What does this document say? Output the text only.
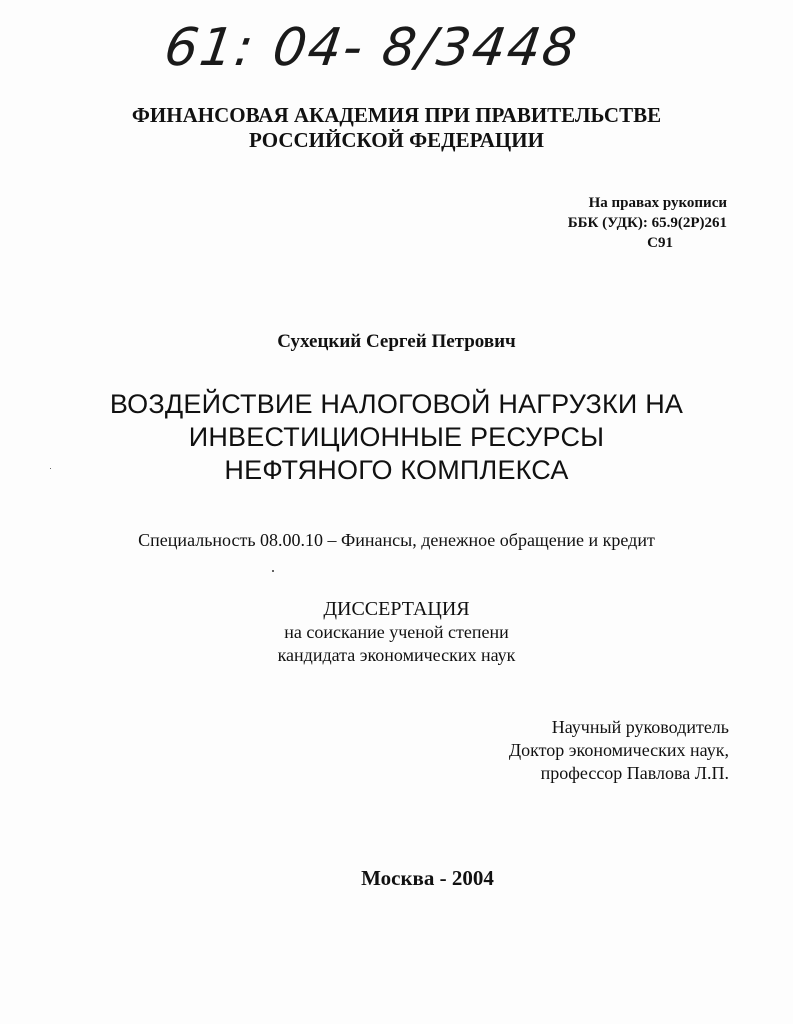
61: 04- 8/3448
ФИНАНСОВАЯ АКАДЕМИЯ ПРИ ПРАВИТЕЛЬСТВЕ
РОССИЙСКОЙ ФЕДЕРАЦИИ
На правах рукописи
ББК (УДК): 65.9(2Р)261
С91
Сухецкий Сергей Петрович
ВОЗДЕЙСТВИЕ НАЛОГОВОЙ НАГРУЗКИ НА
ИНВЕСТИЦИОННЫЕ РЕСУРСЫ
НЕФТЯНОГО КОМПЛЕКСА
Специальность 08.00.10 – Финансы, денежное обращение и кредит
ДИССЕРТАЦИЯ
на соискание ученой степени
кандидата экономических наук
Научный руководитель
Доктор экономических наук,
профессор Павлова Л.П.
Москва - 2004
